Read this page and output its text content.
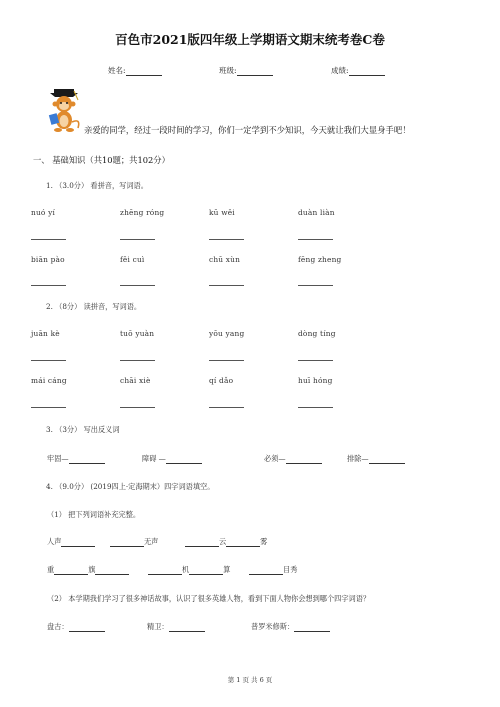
百色市2021版四年级上学期语文期末统考卷C卷
姓名:	班级:	成绩:
亲爱的同学，经过一段时间的学习，你们一定学到不少知识，今天就让我们大显身手吧！
一、 基础知识（共10题；共102分）
1. （3.0分） 看拼音，写词语。
nuó yí	zhēng róng	kū wěi	duàn liàn
biān pào	fěi cuì	chū xùn	fēng zheng
2. （8分） 读拼音，写词语。
juān kè	tuō yuàn	yōu yang	dòng tíng
mái cáng	chāi xiè	qí dǎo	huī hóng
3. （3分） 写出反义词
牢固—	障碍 —	必须—	排除—
4. （9.0分） (2019四上·定海期末）四字词语填空。
（1） 把下列词语补充完整。
人声	无声	云	雾
重	旗	机	算	目秀
（2） 本学期我们学习了很多神话故事，认识了很多英雄人物，看到下面人物你会想到哪个四字词语？
盘古：	精卫：	普罗米修斯：
第 1 页 共 6 页
